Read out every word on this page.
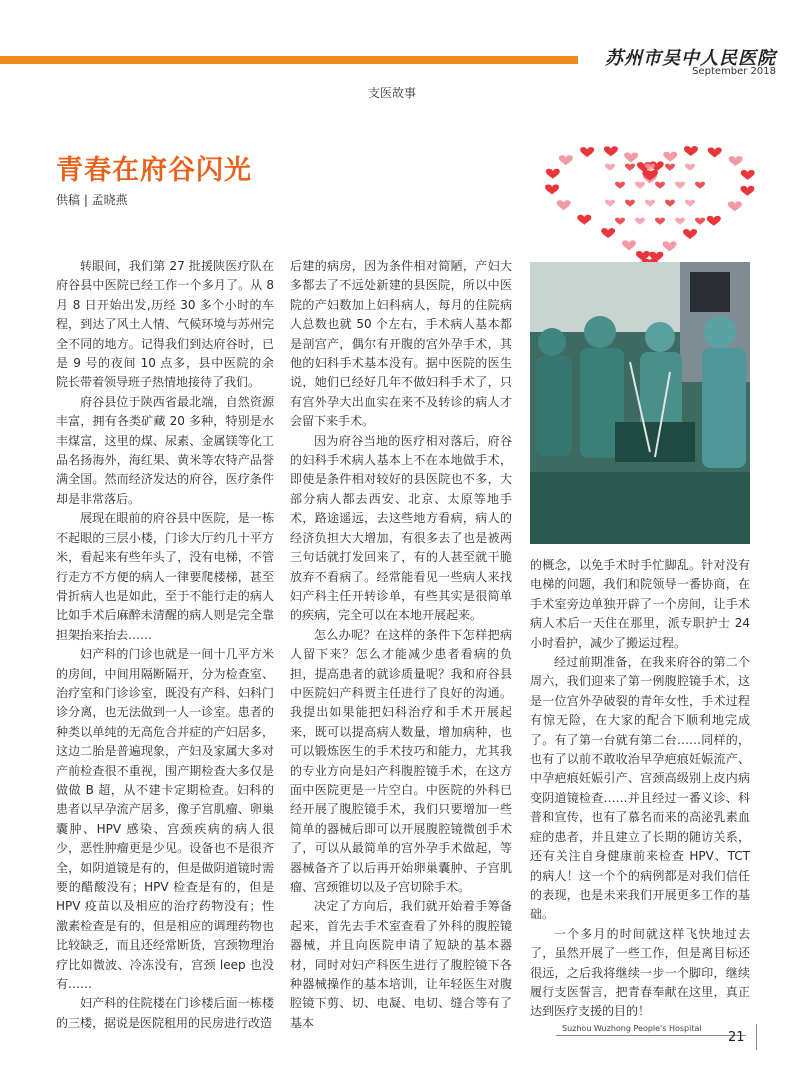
苏州市吴中人民医院
September 2018
支医故事
青春在府谷闪光
供稿 | 孟晓燕

转眼间，我们第 27 批援陕医疗队在府谷县中医院已经工作一个多月了。从 8 月 8 日开始出发,历经 30 多个小时的车程，到达了风土人情、气候环境与苏州完全不同的地方。记得我们到达府谷时，已是 9 号的夜间 10 点多，县中医院的余院长带着领导班子热情地接待了我们。

府谷县位于陕西省最北端，自然资源丰富，拥有各类矿藏 20 多种，特别是水丰煤富，这里的煤、尿素、金属镁等化工品名扬海外，海红果、黄米等农特产品誉满全国。然而经济发达的府谷，医疗条件却是非常落后。

展现在眼前的府谷县中医院，是一栋不起眼的三层小楼，门诊大厅约几十平方米，看起来有些年头了，没有电梯，不管行走方不方便的病人一律要爬楼梯，甚至骨折病人也是如此，至于不能行走的病人比如手术后麻醉未清醒的病人则是完全靠担架抬来抬去……

妇产科的门诊也就是一间十几平方米的房间，中间用隔断隔开，分为检查室、治疗室和门诊诊室，既没有产科、妇科门诊分离，也无法做到一人一诊室。患者的种类以单纯的无高危合并症的产妇居多，这边二胎是普遍现象，产妇及家属大多对产前检查很不重视，围产期检查大多仅是做做 B 超，从不建卡定期检查。妇科的患者以早孕流产居多，像子宫肌瘤、卵巢囊肿、HPV 感染、宫颈疾病的病人很少，恶性肿瘤更是少见。设备也不是很齐全，如阴道镜是有的，但是做阴道镜时需要的醋酸没有；HPV 检查是有的，但是 HPV 疫苗以及相应的治疗药物没有；性激素检查是有的，但是相应的调理药物也比较缺乏，而且还经常断货，宫颈物理治疗比如微波、冷冻没有，宫颈 leep 也没有……

妇产科的住院楼在门诊楼后面一栋楼的三楼，据说是医院租用的民房进行改造

后建的病房，因为条件相对简陋，产妇大多都去了不远处新建的县医院，所以中医院的产妇数加上妇科病人，每月的住院病人总数也就 50 个左右，手术病人基本都是剖宫产，偶尔有开腹的宫外孕手术，其他的妇科手术基本没有。据中医院的医生说，她们已经好几年不做妇科手术了，只有宫外孕大出血实在来不及转诊的病人才会留下来手术。

因为府谷当地的医疗相对落后，府谷的妇科手术病人基本上不在本地做手术，即使是条件相对较好的县医院也不多，大部分病人都去西安、北京、太原等地手术，路途遥远，去这些地方看病，病人的经济负担大大增加，有很多去了也是被两三句话就打发回来了，有的人甚至就干脆放弃不看病了。经常能看见一些病人来找妇产科主任开转诊单，有些其实是很简单的疾病，完全可以在本地开展起来。

怎么办呢？在这样的条件下怎样把病人留下来？怎么才能减少患者看病的负担，提高患者的就诊质量呢？我和府谷县中医院妇产科贾主任进行了良好的沟通。我提出如果能把妇科治疗和手术开展起来，既可以提高病人数量，增加病种，也可以锻炼医生的手术技巧和能力，尤其我的专业方向是妇产科腹腔镜手术，在这方面中医院更是一片空白。中医院的外科已经开展了腹腔镜手术，我们只要增加一些简单的器械后即可以开展腹腔镜微创手术了，可以从最简单的宫外孕手术做起，等器械备齐了以后再开始卵巢囊肿、子宫肌瘤、宫颈锥切以及子宫切除手术。

决定了方向后，我们就开始着手筹备起来，首先去手术室查看了外科的腹腔镜器械，并且向医院申请了短缺的基本器材，同时对妇产科医生进行了腹腔镜下各种器械操作的基本培训，让年轻医生对腹腔镜下剪、切、电凝、电切、缝合等有了基本

的概念，以免手术时手忙脚乱。针对没有电梯的问题，我们和院领导一番协商，在手术室旁边单独开辟了一个房间，让手术病人术后一天住在那里，派专职护士 24 小时看护，减少了搬运过程。

经过前期准备，在我来府谷的第二个周六，我们迎来了第一例腹腔镜手术，这是一位宫外孕破裂的青年女性，手术过程有惊无险，在大家的配合下顺利地完成了。有了第一台就有第二台……同样的，也有了以前不敢收治早孕疤痕妊娠流产、中孕疤痕妊娠引产、宫颈高级别上皮内病变阴道镜检查……并且经过一番义诊、科普和宣传，也有了慕名而来的高泌乳素血症的患者，并且建立了长期的随访关系，还有关注自身健康前来检查 HPV、TCT 的病人！这一个个的病例都是对我们信任的表现，也是未来我们开展更多工作的基础。

一个多月的时间就这样飞快地过去了，虽然开展了一些工作，但是离目标还很远，之后我将继续一步一个脚印，继续履行支医誓言，把青春奉献在这里，真正达到医疗支援的目的！

Suzhou Wuzhong People's Hospital
21
